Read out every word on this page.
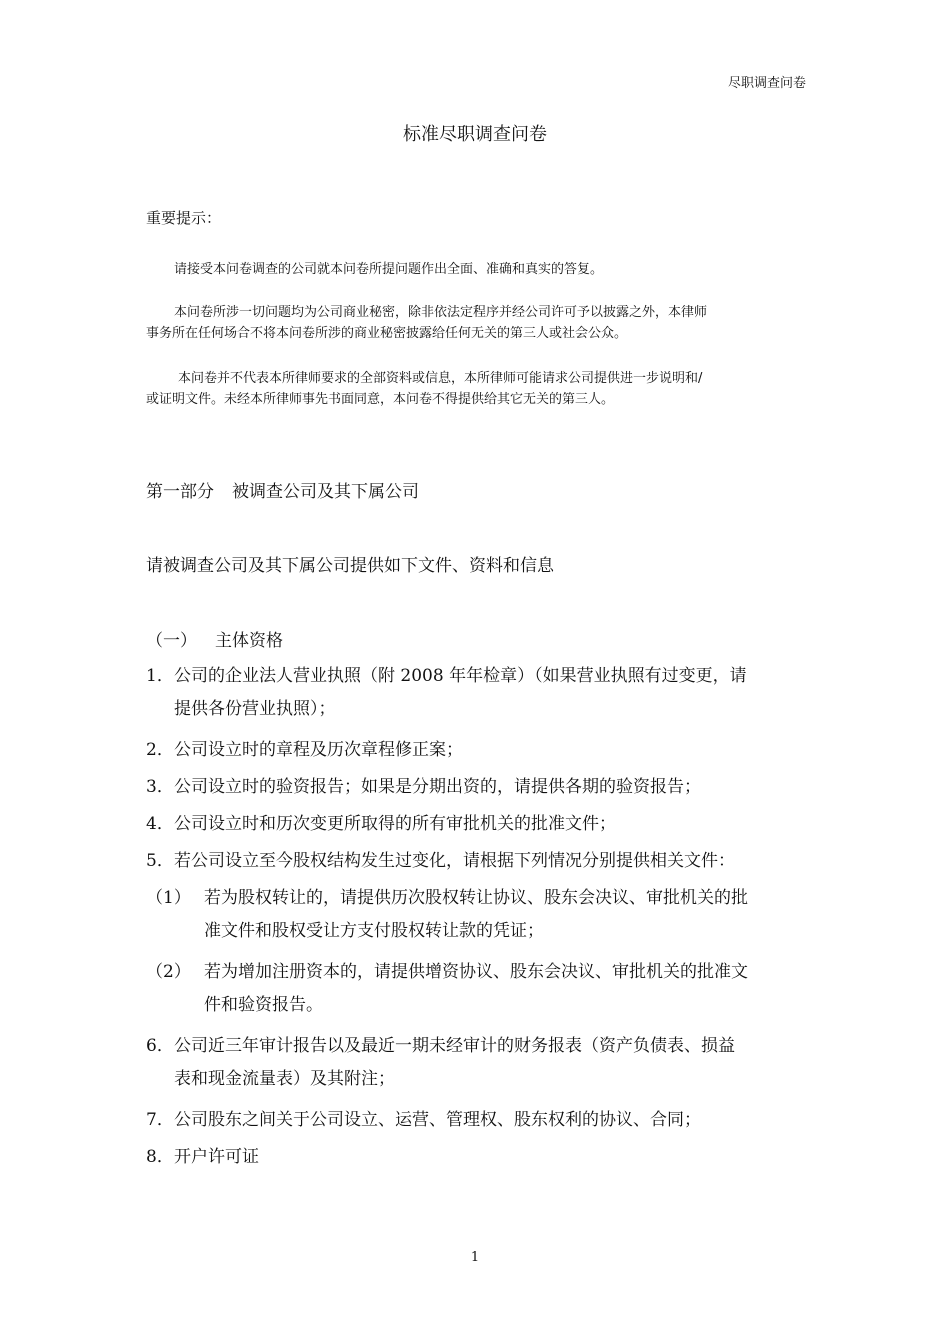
尽职调查问卷
标准尽职调查问卷
重要提示：
请接受本问卷调查的公司就本问卷所提问题作出全面、准确和真实的答复。
本问卷所涉一切问题均为公司商业秘密，除非依法定程序并经公司许可予以披露之外，本律师
事务所在任何场合不将本问卷所涉的商业秘密披露给任何无关的第三人或社会公众。
本问卷并不代表本所律师要求的全部资料或信息，本所律师可能请求公司提供进一步说明和/
或证明文件。未经本所律师事先书面同意，本问卷不得提供给其它无关的第三人。
第一部分 被调查公司及其下属公司
请被调查公司及其下属公司提供如下文件、资料和信息
（一） 主体资格
1．公司的企业法人营业执照（附 2008 年年检章）（如果营业执照有过变更，请
提供各份营业执照）；
2．公司设立时的章程及历次章程修正案；
3．公司设立时的验资报告；如果是分期出资的，请提供各期的验资报告；
4．公司设立时和历次变更所取得的所有审批机关的批准文件；
5．若公司设立至今股权结构发生过变化，请根据下列情况分别提供相关文件：
（1） 若为股权转让的，请提供历次股权转让协议、股东会决议、审批机关的批
准文件和股权受让方支付股权转让款的凭证；
（2） 若为增加注册资本的，请提供增资协议、股东会决议、审批机关的批准文
件和验资报告。
6．公司近三年审计报告以及最近一期未经审计的财务报表（资产负债表、损益
表和现金流量表）及其附注；
7．公司股东之间关于公司设立、运营、管理权、股东权利的协议、合同；
8．开户许可证
1
